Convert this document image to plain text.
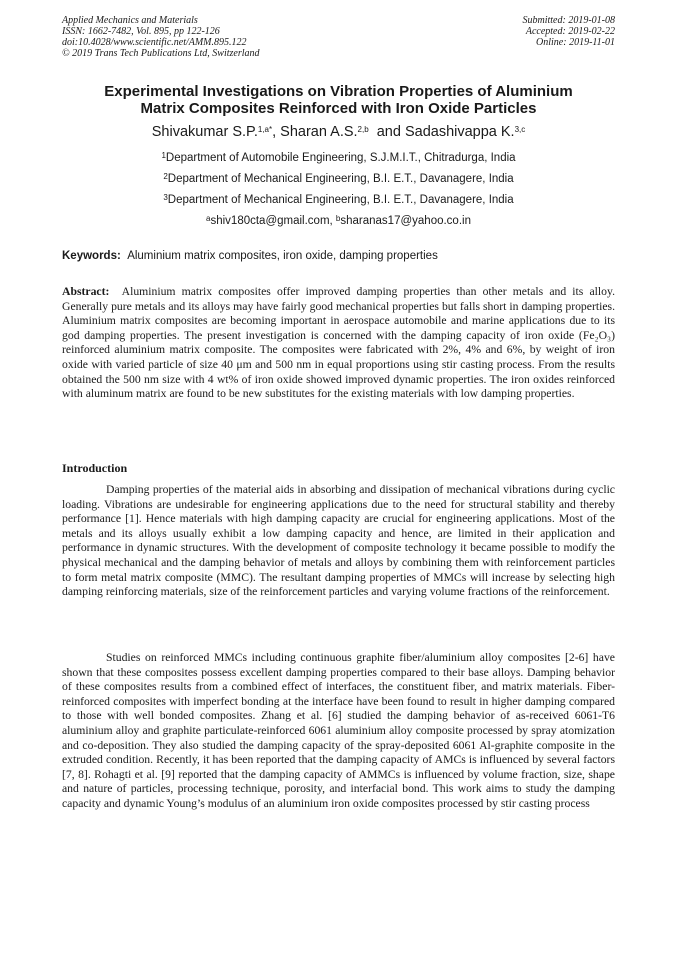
Applied Mechanics and Materials
ISSN: 1662-7482, Vol. 895, pp 122-126
doi:10.4028/www.scientific.net/AMM.895.122
© 2019 Trans Tech Publications Ltd, Switzerland
Submitted: 2019-01-08
Accepted: 2019-02-22
Online: 2019-11-01
Experimental Investigations on Vibration Properties of Aluminium
Matrix Composites Reinforced with Iron Oxide Particles
Shivakumar S.P.$^{1,a*}$, Sharan A.S.$^{2,b}$  and Sadashivappa K.$^{3,c}$
$^1$Department of Automobile Engineering, S.J.M.I.T., Chitradurga, India
$^2$Department of Mechanical Engineering, B.I. E.T., Davanagere, India
$^3$Department of Mechanical Engineering, B.I. E.T., Davanagere, India
$^a$shiv180cta@gmail.com, $^b$sharanas17@yahoo.co.in
Keywords: Aluminium matrix composites, iron oxide, damping properties
Abstract: Aluminium matrix composites offer improved damping properties than other metals and its alloy. Generally pure metals and its alloys may have fairly good mechanical properties but falls short in damping properties. Aluminium matrix composites are becoming important in aerospace automobile and marine applications due to its god damping properties. The present investigation is concerned with the damping capacity of iron oxide (Fe₂O₃) reinforced aluminium matrix composite. The composites were fabricated with 2%, 4% and 6%, by weight of iron oxide with varied particle of size 40 μm and 500 nm in equal proportions using stir casting process. From the results obtained the 500 nm size with 4 wt% of iron oxide showed improved dynamic properties. The iron oxides reinforced with aluminum matrix are found to be new substitutes for the existing materials with low damping properties.
Introduction

Damping properties of the material aids in absorbing and dissipation of mechanical vibrations during cyclic loading. Vibrations are undesirable for engineering applications due to the need for structural stability and thereby performance [1]. Hence materials with high damping capacity are crucial for engineering applications. Most of the metals and its alloys usually exhibit a low damping capacity and hence, are limited in their application and performance in dynamic structures. With the development of composite technology it became possible to modify the physical mechanical and the damping behavior of metals and alloys by combining them with reinforcement particles to form metal matrix composite (MMC). The resultant damping properties of MMCs will increase by selecting high damping reinforcing materials, size of the reinforcement particles and varying volume fractions of the reinforcement.

Studies on reinforced MMCs including continuous graphite fiber/aluminium alloy composites [2-6] have shown that these composites possess excellent damping properties compared to their base alloys. Damping behavior of these composites results from a combined effect of interfaces, the constituent fiber, and matrix materials. Fiber-reinforced composites with imperfect bonding at the interface have been found to result in higher damping compared to those with well bonded composites. Zhang et al. [6] studied the damping behavior of as-received 6061-T6 aluminium alloy and graphite particulate-reinforced 6061 aluminium alloy composite processed by spray atomization and co-deposition. They also studied the damping capacity of the spray-deposited 6061 Al-graphite composite in the extruded condition. Recently, it has been reported that the damping capacity of AMCs is influenced by several factors [7, 8]. Rohagti et al. [9] reported that the damping capacity of AMMCs is influenced by volume fraction, size, shape and nature of particles, processing technique, porosity, and interfacial bond. This work aims to study the damping capacity and dynamic Young’s modulus of an aluminium iron oxide composites processed by stir casting process
